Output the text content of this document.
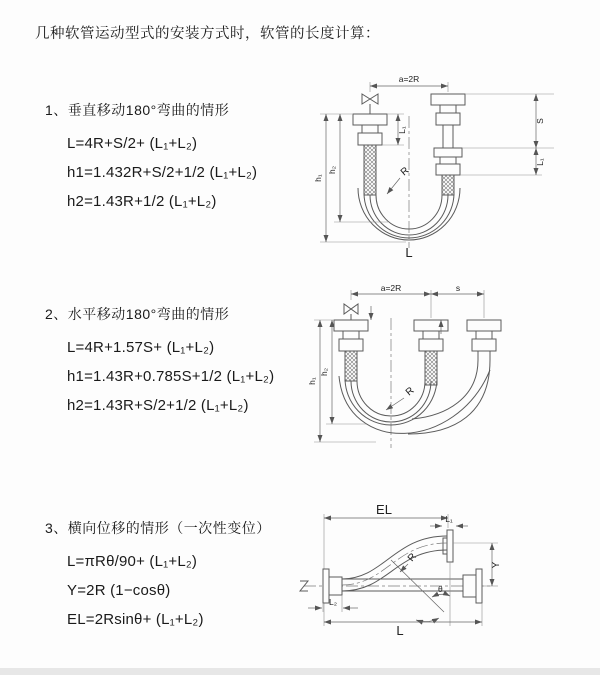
几种软管运动型式的安装方式时，软管的长度计算：
1、垂直移动180°弯曲的情形
L=4R+S/2+ (L₁+L₂)
h1=1.432R+S/2+1/2 (L₁+L₂)
h2=1.43R+1/2 (L₁+L₂)
2、水平移动180°弯曲的情形
L=4R+1.57S+ (L₁+L₂)
h1=1.43R+0.785S+1/2 (L₁+L₂)
h2=1.43R+S/2+1/2 (L₁+L₂)
3、横向位移的情形（一次性变位）
L=πRθ/90+ (L₁+L₂)
Y=2R (1−cosθ)
EL=2Rsinθ+ (L₁+L₂)
a=2R
R
L
h₁
h₂
L₁
S
L₁
a=2R	s
R
h₁
h₂
EL
L₁
θ
R
Y
L₂
L
